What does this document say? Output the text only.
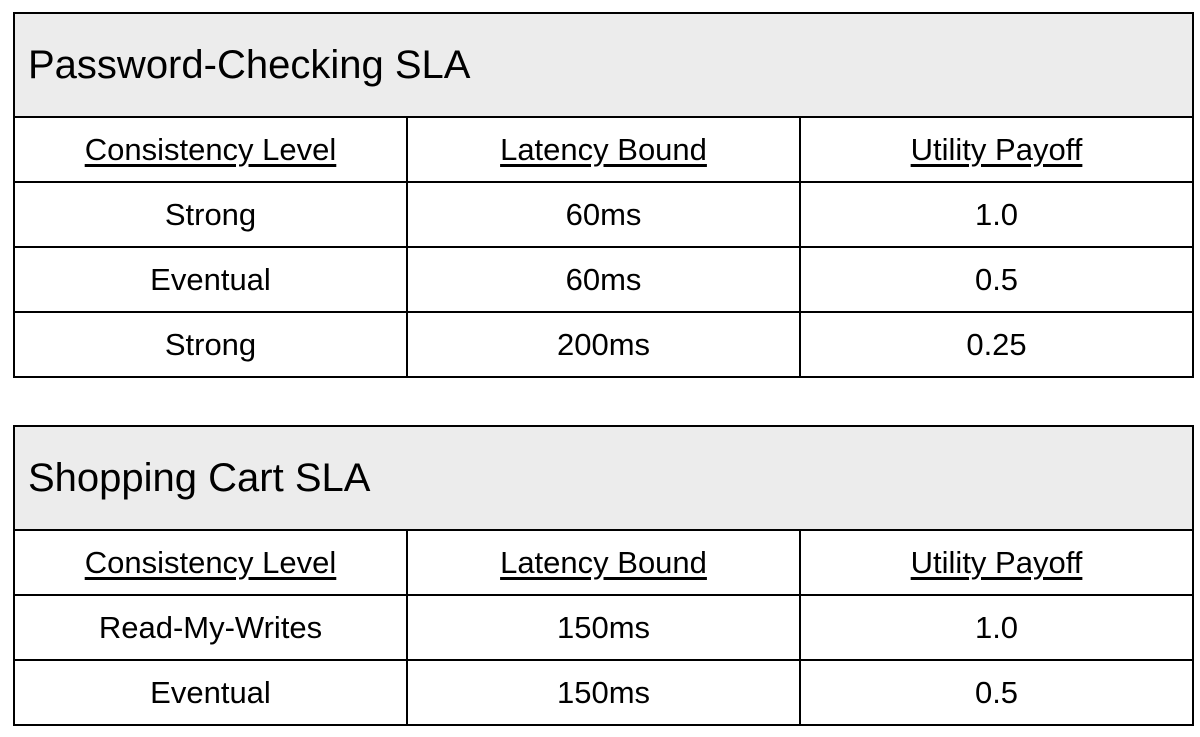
Password-Checking SLA		
Consistency Level	Latency Bound	Utility Payoff
Strong	60ms	1.0
Eventual	60ms	0.5
Strong	200ms	0.25
Shopping Cart SLA		
Consistency Level	Latency Bound	Utility Payoff
Read-My-Writes	150ms	1.0
Eventual	150ms	0.5
